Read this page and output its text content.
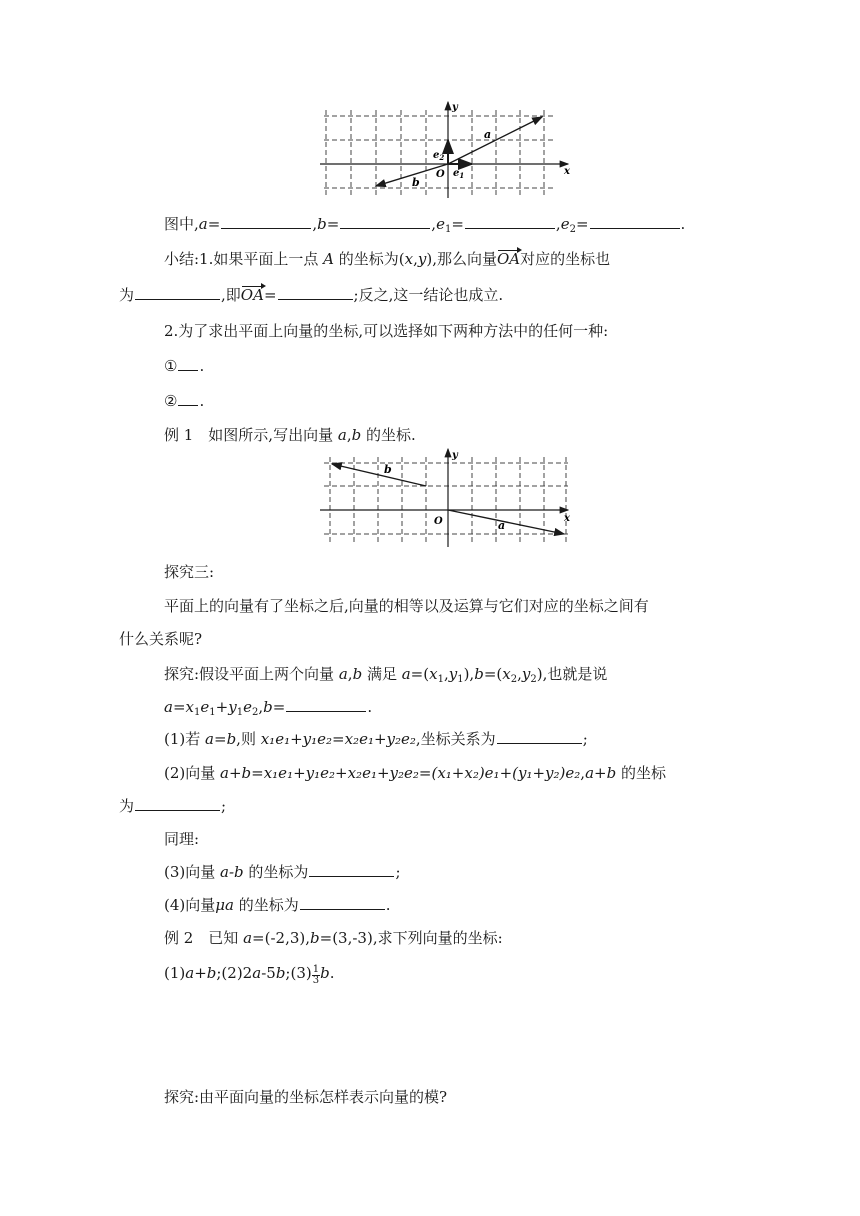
a
b
$e_2$
$e_1$
O	x
y
图中,a=	,b=	$,e_1=$	$,e_2=$	.
小结:1.如果平面上一点 A 的坐标为(x,y),那么向量OA对应的坐标也
为	,即OA=	;反之,这一结论也成立.
2.为了求出平面上向量的坐标,可以选择如下两种方法中的任何一种:
① .
② .
例 1　如图所示,写出向量 a,b 的坐标.
b
a
O	x
y
探究三:
平面上的向量有了坐标之后,向量的相等以及运算与它们对应的坐标之间有
什么关系呢?
探究:假设平面上两个向量 a,b 满足 $a=(x_1,y_1),b=(x_2,y_2)$,也就是说
$a=x_1e_1+y_1e_2,b=$	.
(1)若 a=b,则 x₁e₁+y₁e₂=x₂e₁+y₂e₂,坐标关系为	;
(2)向量 a+b=x₁e₁+y₁e₂+x₂e₁+y₂e₂=(x₁+x₂)e₁+(y₁+y₂)e₂,a+b 的坐标
为	;
同理:
(3)向量 a-b 的坐标为	;
(4)向量μa 的坐标为	.
例 2　已知 a=(-2,3),b=(3,-3),求下列向量的坐标:
(1)a+b;(2)2a-5b;(3) $\frac{1}{3} b$.
探究:由平面向量的坐标怎样表示向量的模?
